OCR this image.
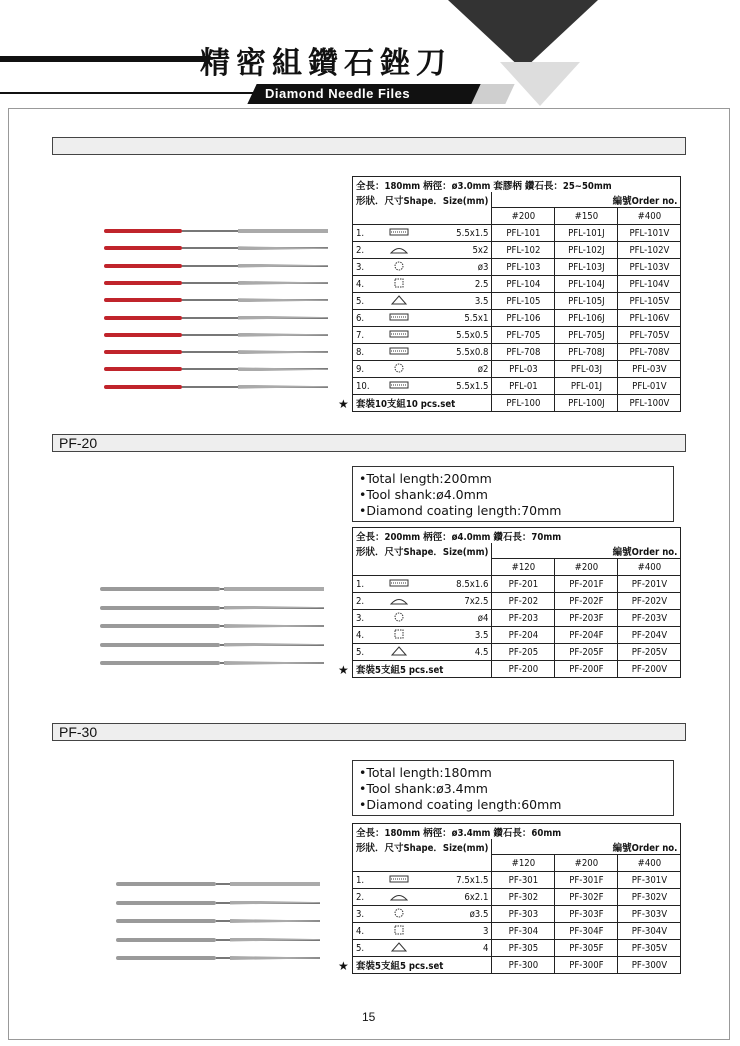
精密組鑽石銼刀
Diamond Needle Files
全長：180mm 柄徑：ø3.0mm 套膠柄 鑽石長：25~50mm					
形狀．尺寸Shape．Size(mm)			編號Order no.		
			#200	#150	#400
1.		5.5x1.5	PFL-101	PFL-101J	PFL-101V
2.		5x2	PFL-102	PFL-102J	PFL-102V
3.		ø3	PFL-103	PFL-103J	PFL-103V
4.		2.5	PFL-104	PFL-104J	PFL-104V
5.		3.5	PFL-105	PFL-105J	PFL-105V
6.		5.5x1	PFL-106	PFL-106J	PFL-106V
7.		5.5x0.5	PFL-705	PFL-705J	PFL-705V
8.		5.5x0.8	PFL-708	PFL-708J	PFL-708V
9.		ø2	PFL-03	PFL-03J	PFL-03V
10.		5.5x1.5	PFL-01	PFL-01J	PFL-01V
套裝10支組10 pcs.set			PFL-100	PFL-100J	PFL-100V
★
PF-20
•Total length:200mm
•Tool shank:ø4.0mm
•Diamond coating length:70mm
全長：200mm 柄徑：ø4.0mm 鑽石長：70mm					
形狀．尺寸Shape．Size(mm)			編號Order no.		
			#120	#200	#400
1.		8.5x1.6	PF-201	PF-201F	PF-201V
2.		7x2.5	PF-202	PF-202F	PF-202V
3.		ø4	PF-203	PF-203F	PF-203V
4.		3.5	PF-204	PF-204F	PF-204V
5.		4.5	PF-205	PF-205F	PF-205V
套裝5支組5 pcs.set			PF-200	PF-200F	PF-200V
★
PF-30
•Total length:180mm
•Tool shank:ø3.4mm
•Diamond coating length:60mm
全長：180mm 柄徑：ø3.4mm 鑽石長：60mm					
形狀．尺寸Shape．Size(mm)			編號Order no.		
			#120	#200	#400
1.		7.5x1.5	PF-301	PF-301F	PF-301V
2.		6x2.1	PF-302	PF-302F	PF-302V
3.		ø3.5	PF-303	PF-303F	PF-303V
4.		3	PF-304	PF-304F	PF-304V
5.		4	PF-305	PF-305F	PF-305V
套裝5支組5 pcs.set			PF-300	PF-300F	PF-300V
★
15
